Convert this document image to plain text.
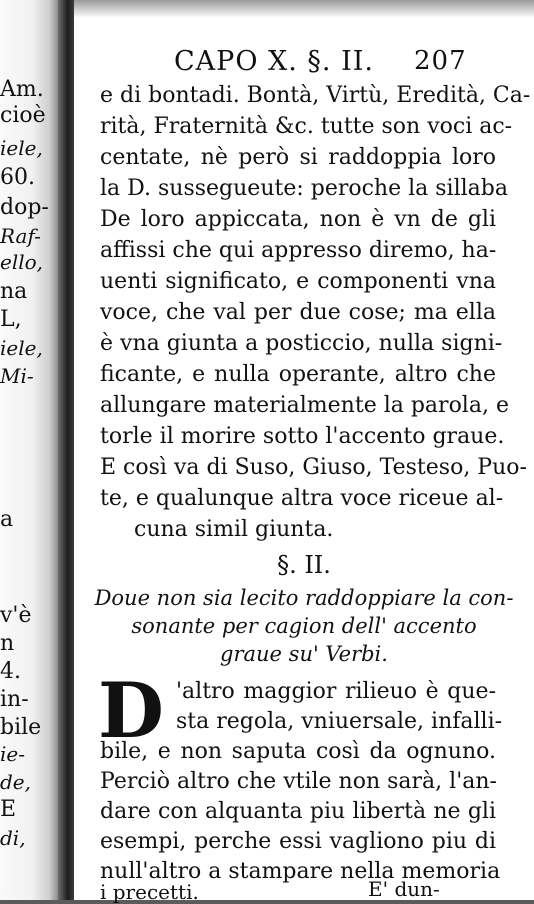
Am.
cioè
iele,
60.
dop-
Raf-
ello,
na
L,
iele,
Mi-
a
v'è
n
4.
in-
bile
ie-
de,
E
di,
CAPO X. §. II. 207
e di bontadi. Bontà, Virtù, Eredità, Ca-
rità, Fraternità &c. tutte son voci ac-
centate, nè però si raddoppia loro
la D. sussegueute: peroche la sillaba
De loro appiccata, non è vn de gli
affissi che qui appresso diremo, ha-
uenti significato, e componenti vna
voce, che val per due cose; ma ella
è vna giunta a posticcio, nulla signi-
ficante, e nulla operante, altro che
allungare materialmente la parola, e
torle il morire sotto l'accento graue.
E così va di Suso, Giuso, Testeso, Puo-
te, e qualunque altra voce riceue al-
cuna simil giunta.
§. II.
Doue non sia lecito raddoppiare la con-
sonante per cagion dell' accento
graue su' Verbi.
D 'altro maggior rilieuo è que-
sta regola, vniuersale, infalli-
bile, e non saputa così da ognuno.
Perciò altro che vtile non sarà, l'an-
dare con alquanta piu libertà ne gli
esempi, perche essi vagliono piu di
null'altro a stampare nella memoria
i precetti.	E' dun-
